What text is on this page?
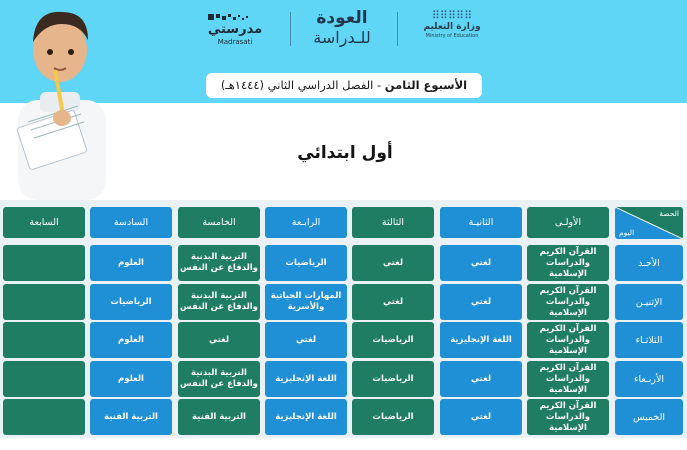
⠿⠿⠿⠿⠿
وزارة التعليم
Ministry of Education
العودة
للـدراسة
مدرستي
Madrasati
الأسبوع الثامن - الفصل الدراسي الثاني (١٤٤٤هـ)
أول ابتدائي
الحصة
اليوم
الأولـى
الثانيـة
الثالثة
الرابـعة
الخامسة
السادسة
السابعة
الأحـد
القرآن الكريم والدراسات الإسلامية
لغتي
لغتي
الرياضيات
التربية البدنية والدفاع عن النفس
العلوم
الإثنيـن
القرآن الكريم والدراسات الإسلامية
لغتي
لغتي
المهارات الحياتية والأسرية
التربية البدنية والدفاع عن النفس
الرياضيات
الثلاثـاء
القرآن الكريم والدراسات الإسلامية
اللغة الإنجليزية
الرياضيات
لغتي
لغتي
العلوم
الأربـعاء
القرآن الكريم والدراسات الإسلامية
لغتي
الرياضيات
اللغة الإنجليزية
التربية البدنية والدفاع عن النفس
العلوم
الخميس
القرآن الكريم والدراسات الإسلامية
لغتي
الرياضيات
اللغة الإنجليزية
التربية الفنية
التربية الفنية
